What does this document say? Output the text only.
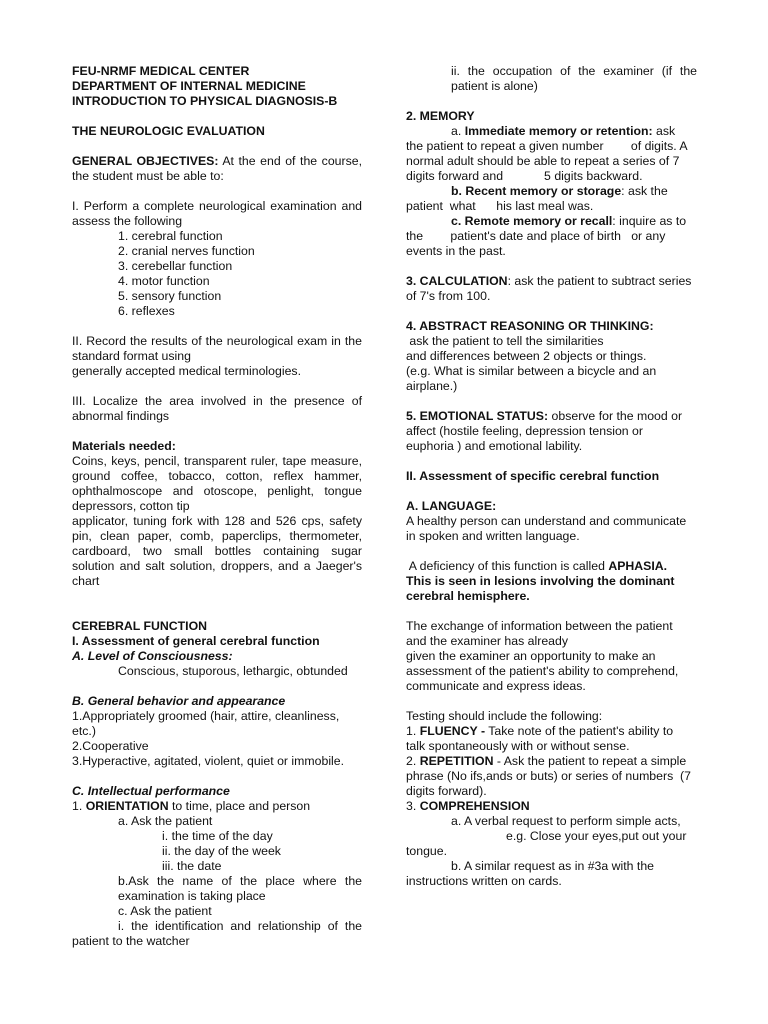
FEU-NRMF MEDICAL CENTER
DEPARTMENT OF INTERNAL MEDICINE
INTRODUCTION TO PHYSICAL DIAGNOSIS-B
THE NEUROLOGIC EVALUATION
GENERAL OBJECTIVES: At the end of the course,
the student must be able to:
I. Perform a complete neurological examination and
assess the following
1. cerebral function
2. cranial nerves function
3. cerebellar function
4. motor function
5. sensory function
6. reflexes
II. Record the results of the neurological exam in the
standard format using
generally accepted medical terminologies.
III. Localize the area involved in the presence of
abnormal findings
Materials needed:
Coins, keys, pencil, transparent ruler, tape measure,
ground coffee, tobacco, cotton, reflex hammer,
ophthalmoscope and otoscope, penlight, tongue
depressors, cotton tip
applicator, tuning fork with 128 and 526 cps, safety
pin, clean paper, comb, paperclips, thermometer,
cardboard, two small bottles containing sugar
solution and salt solution, droppers, and a Jaeger's
chart
CEREBRAL FUNCTION
I. Assessment of general cerebral function
A. Level of Consciousness:
Conscious, stuporous, lethargic, obtunded
B. General behavior and appearance
1.Appropriately groomed (hair, attire, cleanliness,
etc.)
2.Cooperative
3.Hyperactive, agitated, violent, quiet or immobile.
C. Intellectual performance
1. ORIENTATION to time, place and person
a. Ask the patient
i. the time of the day
ii. the day of the week
iii. the date
b.Ask the name of the place where the
examination is taking place
c. Ask the patient
i. the identification and relationship of the
patient to the watcher
ii. the occupation of the examiner (if the
patient is alone)
2. MEMORY
a. Immediate memory or retention: ask
the patient to repeat a given number        of digits. A
normal adult should be able to repeat a series of 7
digits forward and            5 digits backward.
b. Recent memory or storage: ask the
patient  what      his last meal was.
c. Remote memory or recall: inquire as to
the        patient's date and place of birth   or any
events in the past.
3. CALCULATION: ask the patient to subtract series
of 7's from 100.
4. ABSTRACT REASONING OR THINKING:
ask the patient to tell the similarities
and differences between 2 objects or things.
(e.g. What is similar between a bicycle and an
airplane.)
5. EMOTIONAL STATUS: observe for the mood or
affect (hostile feeling, depression tension or
euphoria ) and emotional lability.
II. Assessment of specific cerebral function
A. LANGUAGE:
A healthy person can understand and communicate
in spoken and written language.
A deficiency of this function is called APHASIA.
This is seen in lesions involving the dominant
cerebral hemisphere.
The exchange of information between the patient
and the examiner has already
given the examiner an opportunity to make an
assessment of the patient's ability to comprehend,
communicate and express ideas.
Testing should include the following:
1. FLUENCY - Take note of the patient's ability to
talk spontaneously with or without sense.
2. REPETITION - Ask the patient to repeat a simple
phrase (No ifs,ands or buts) or series of numbers  (7
digits forward).
3. COMPREHENSION
a. A verbal request to perform simple acts,
e.g. Close your eyes,put out your
tongue.
b. A similar request as in #3a with the
instructions written on cards.
